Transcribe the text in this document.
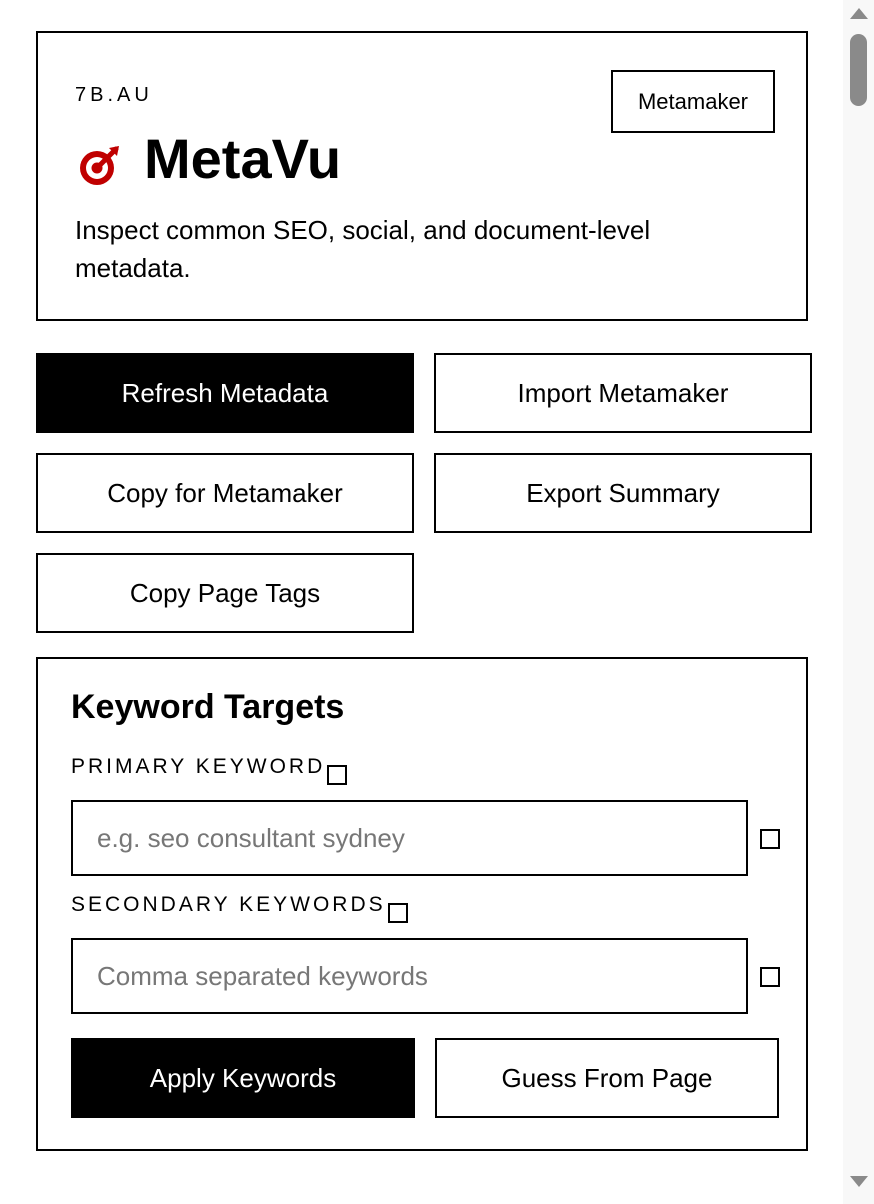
7B.AU	Metamaker
MetaVu

Inspect common SEO, social, and document-level metadata.

Refresh Metadata	Import Metamaker
Copy for Metamaker	Export Summary
Copy Page Tags
Keyword Targets
PRIMARY KEYWORD
e.g. seo consultant sydney
SECONDARY KEYWORDS
Comma separated keywords
Apply Keywords	Guess From Page
